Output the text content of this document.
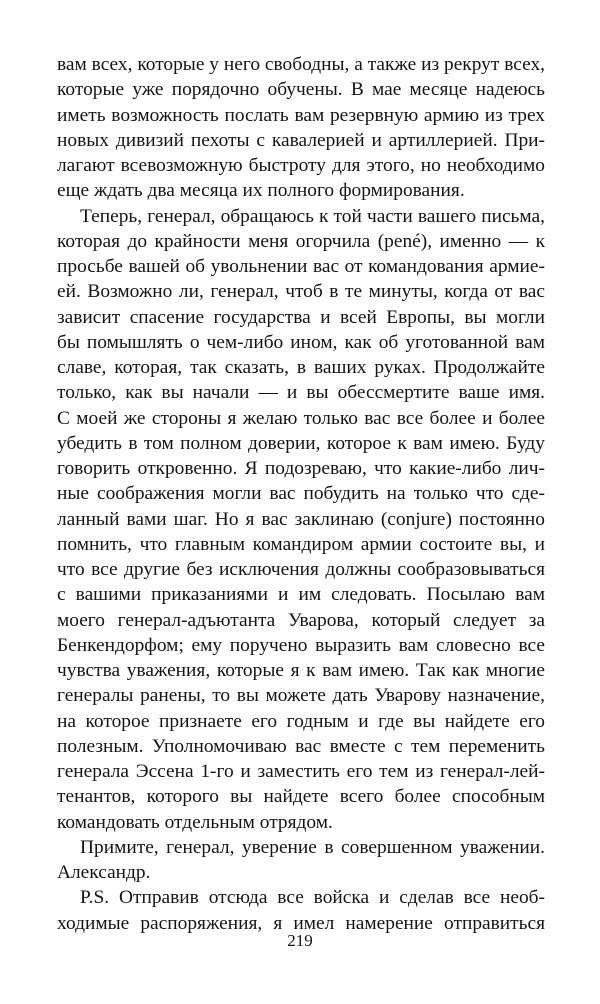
вам всех, которые у него свободны, а также из рекрут всех,
которые уже порядочно обучены. В мае месяце надеюсь
иметь возможность послать вам резервную армию из трех
новых дивизий пехоты с кавалерией и артиллерией. При-
лагают всевозможную быстроту для этого, но необходимо
еще ждать два месяца их полного формирования.
Теперь, генерал, обращаюсь к той части вашего письма,
которая до крайности меня огорчила (pené), именно — к
просьбе вашей об увольнении вас от командования армие-
ей. Возможно ли, генерал, чтоб в те минуты, когда от вас
зависит спасение государства и всей Европы, вы могли
бы помышлять о чем-либо ином, как об уготованной вам
славе, которая, так сказать, в ваших руках. Продолжайте
только, как вы начали — и вы обессмертите ваше имя.
С моей же стороны я желаю только вас все более и более
убедить в том полном доверии, которое к вам имею. Буду
говорить откровенно. Я подозреваю, что какие-либо лич-
ные соображения могли вас побудить на только что сде-
ланный вами шаг. Но я вас заклинаю (conjure) постоянно
помнить, что главным командиром армии состоите вы, и
что все другие без исключения должны сообразовываться
с вашими приказаниями и им следовать. Посылаю вам
моего генерал-адъютанта Уварова, который следует за
Бенкендорфом; ему поручено выразить вам словесно все
чувства уважения, которые я к вам имею. Так как многие
генералы ранены, то вы можете дать Уварову назначение,
на которое признаете его годным и где вы найдете его
полезным. Уполномочиваю вас вместе с тем переменить
генерала Эссена 1-го и заместить его тем из генерал-лей-
тенантов, которого вы найдете всего более способным
командовать отдельным отрядом.
Примите, генерал, уверение в совершенном уважении.
Александр.
P.S. Отправив отсюда все войска и сделав все необ-
ходимые распоряжения, я имел намерение отправиться
219
